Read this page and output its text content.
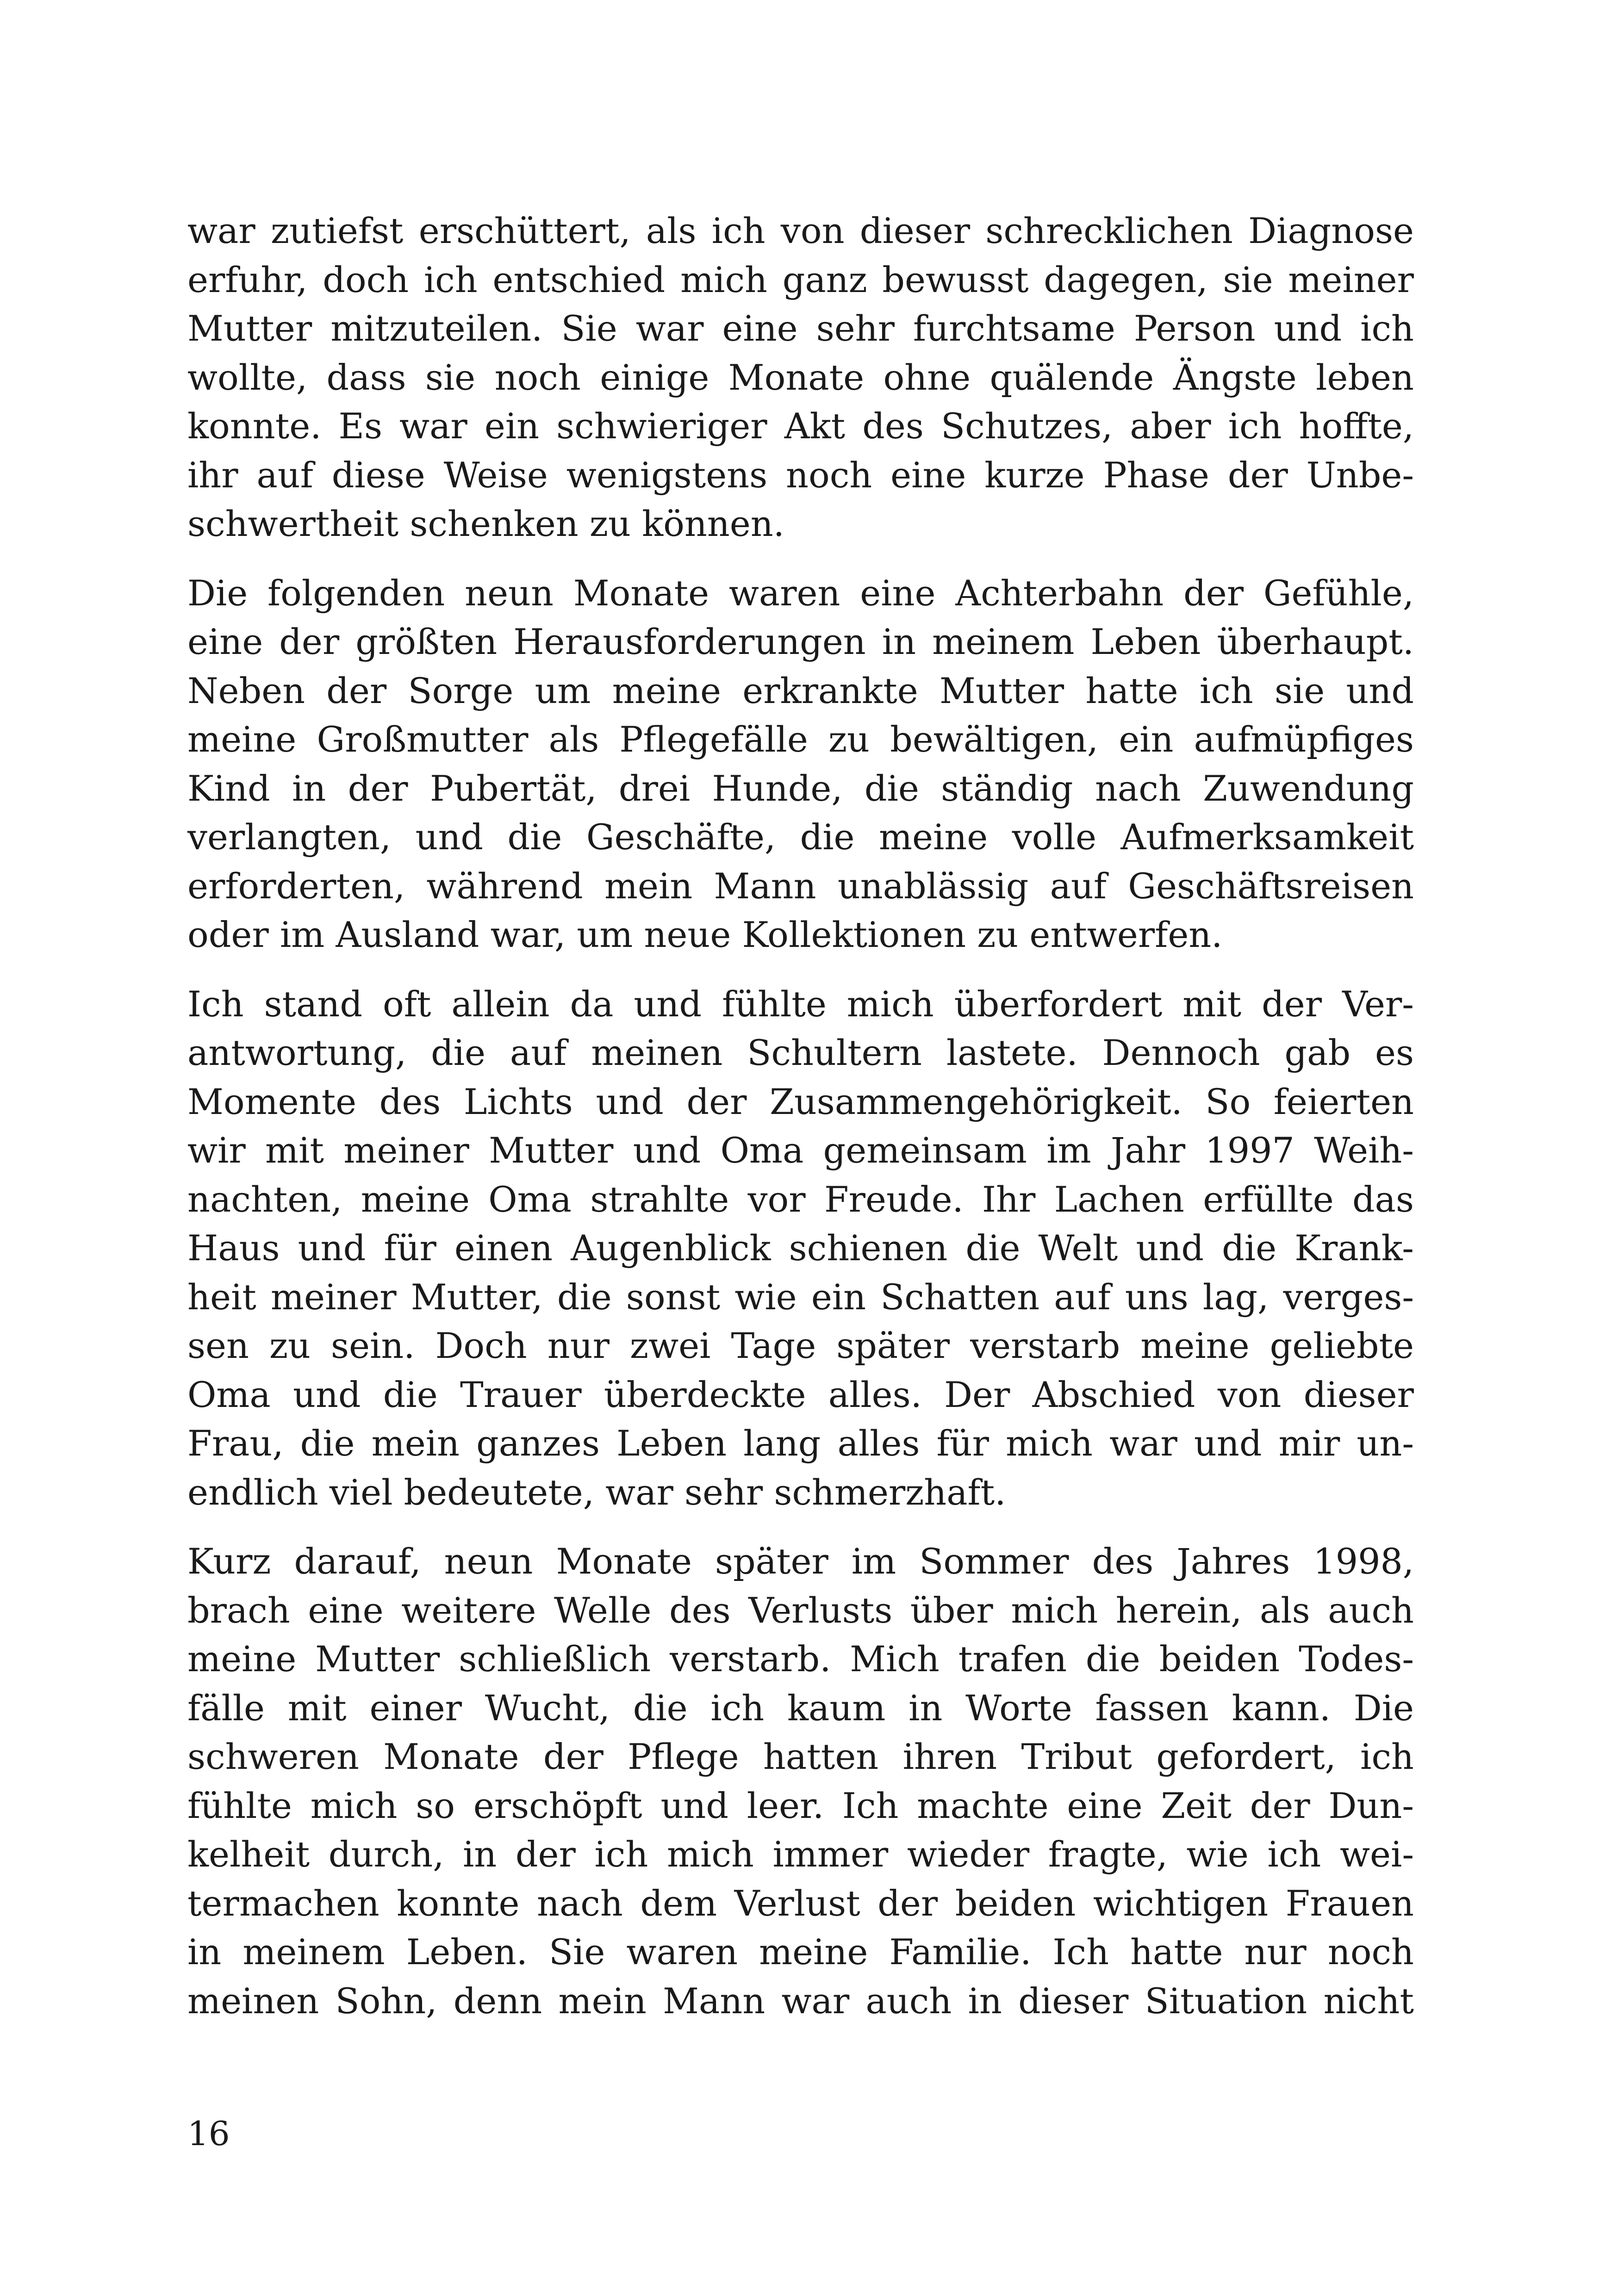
war zutiefst erschüttert, als ich von dieser schrecklichen Diagnose
erfuhr, doch ich entschied mich ganz bewusst dagegen, sie meiner
Mutter mitzuteilen. Sie war eine sehr furchtsame Person und ich
wollte, dass sie noch einige Monate ohne quälende Ängste leben
konnte. Es war ein schwieriger Akt des Schutzes, aber ich hoffte,
ihr auf diese Weise wenigstens noch eine kurze Phase der Unbe-
schwertheit schenken zu können.
Die folgenden neun Monate waren eine Achterbahn der Gefühle,
eine der größten Herausforderungen in meinem Leben überhaupt.
Neben der Sorge um meine erkrankte Mutter hatte ich sie und
meine Großmutter als Pflegefälle zu bewältigen, ein aufmüpfiges
Kind in der Pubertät, drei Hunde, die ständig nach Zuwendung
verlangten, und die Geschäfte, die meine volle Aufmerksamkeit
erforderten, während mein Mann unablässig auf Geschäftsreisen
oder im Ausland war, um neue Kollektionen zu entwerfen.
Ich stand oft allein da und fühlte mich überfordert mit der Ver-
antwortung, die auf meinen Schultern lastete. Dennoch gab es
Momente des Lichts und der Zusammengehörigkeit. So feierten
wir mit meiner Mutter und Oma gemeinsam im Jahr 1997 Weih-
nachten, meine Oma strahlte vor Freude. Ihr Lachen erfüllte das
Haus und für einen Augenblick schienen die Welt und die Krank-
heit meiner Mutter, die sonst wie ein Schatten auf uns lag, verges-
sen zu sein. Doch nur zwei Tage später verstarb meine geliebte
Oma und die Trauer überdeckte alles. Der Abschied von dieser
Frau, die mein ganzes Leben lang alles für mich war und mir un-
endlich viel bedeutete, war sehr schmerzhaft.
Kurz darauf, neun Monate später im Sommer des Jahres 1998,
brach eine weitere Welle des Verlusts über mich herein, als auch
meine Mutter schließlich verstarb. Mich trafen die beiden Todes-
fälle mit einer Wucht, die ich kaum in Worte fassen kann. Die
schweren Monate der Pflege hatten ihren Tribut gefordert, ich
fühlte mich so erschöpft und leer. Ich machte eine Zeit der Dun-
kelheit durch, in der ich mich immer wieder fragte, wie ich wei-
termachen konnte nach dem Verlust der beiden wichtigen Frauen
in meinem Leben. Sie waren meine Familie. Ich hatte nur noch
meinen Sohn, denn mein Mann war auch in dieser Situation nicht
16
